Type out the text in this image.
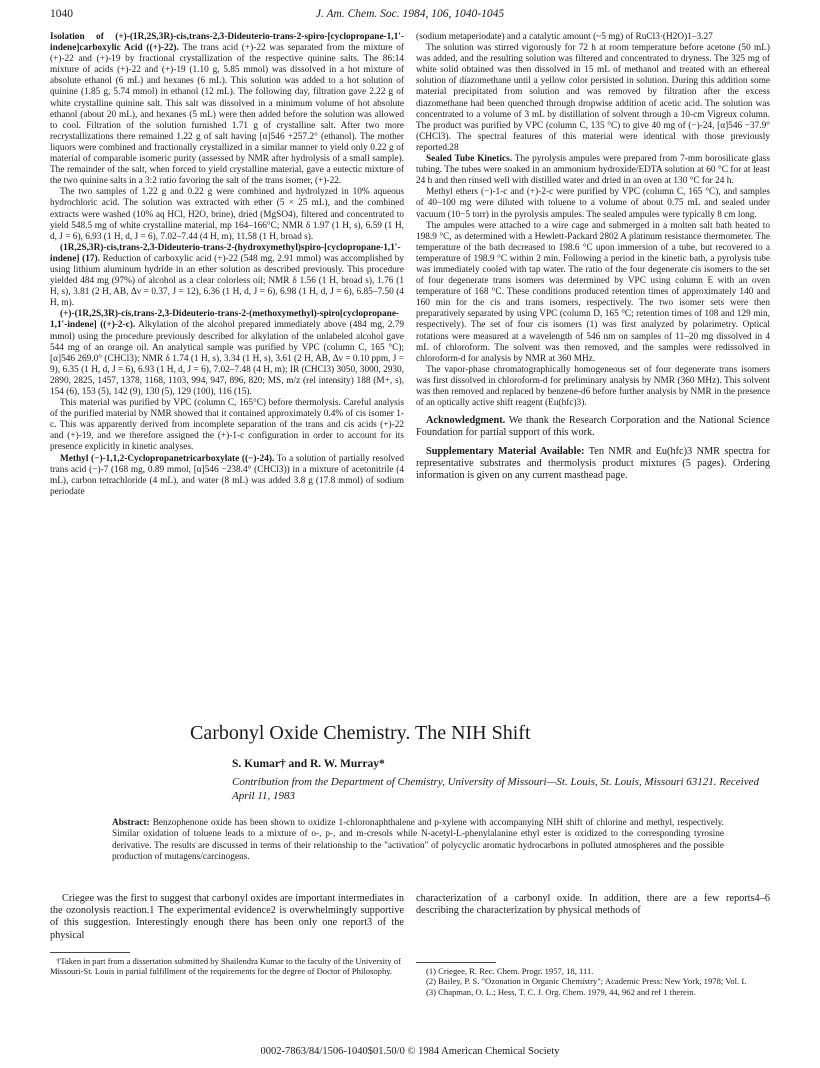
1040	J. Am. Chem. Soc. 1984, 106, 1040-1045

Isolation of (+)-(1R,2S,3R)-cis,trans-2,3-Dideuterio-trans-2-spiro-[cyclopropane-1,1′-indene]carboxylic Acid ((+)-22). The trans acid (+)-22 was separated from the mixture of (+)-22 and (+)-19 by fractional crystallization of the respective quinine salts. The 86:14 mixture of acids (+)-22 and (+)-19 (1.10 g, 5.85 mmol) was dissolved in a hot mixture of absolute ethanol (6 mL) and hexanes (6 mL). This solution was added to a hot solution of quinine (1.85 g, 5.74 mmol) in ethanol (12 mL). The following day, filtration gave 2.22 g of white crystalline quinine salt. This salt was dissolved in a minimum volume of hot absolute ethanol (about 20 mL), and hexanes (5 mL) were then added before the solution was allowed to cool. Filtration of the solution furnished 1.71 g of crystalline salt. After two more recrystallizations there remained 1.22 g of salt having [α]546 +257.2° (ethanol). The mother liquors were combined and fractionally crystallized in a similar manner to yield only 0.22 g of material of comparable isomeric purity (assessed by NMR after hydrolysis of a small sample). The remainder of the salt, when forced to yield crystalline material, gave a eutectic mixture of the two quinine salts in a 3:2 ratio favoring the salt of the trans isomer, (+)-22.

The two samples of 1.22 g and 0.22 g were combined and hydrolyzed in 10% aqueous hydrochloric acid. The solution was extracted with ether (5 × 25 mL), and the combined extracts were washed (10% aq HCl, H2O, brine), dried (MgSO4), filtered and concentrated to yield 548.5 mg of white crystalline material, mp 164–166°C; NMR δ 1.97 (1 H, s), 6.59 (1 H, d, J = 6), 6.93 (1 H, d, J = 6), 7.02–7.44 (4 H, m), 11.58 (1 H, broad s).

(1R,2S,3R)-cis,trans-2,3-Dideuterio-trans-2-(hydroxymethyl)spiro-[cyclopropane-1,1′-indene] (17). Reduction of carboxylic acid (+)-22 (548 mg, 2.91 mmol) was accomplished by using lithium aluminum hydride in an ether solution as described previously. This procedure yielded 484 mg (97%) of alcohol as a clear colorless oil; NMR δ 1.56 (1 H, broad s), 1.76 (1 H, s), 3.81 (2 H, AB, Δν = 0.37, J = 12), 6.36 (1 H, d, J = 6), 6.98 (1 H, d, J = 6), 6.85–7.50 (4 H, m).

(+)-(1R,2S,3R)-cis,trans-2,3-Dideuterio-trans-2-(methoxymethyl)-spiro[cyclopropane-1,1′-indene] ((+)-2-c). Alkylation of the alcohol prepared immediately above (484 mg, 2.79 mmol) using the procedure previously described for alkylation of the unlabeled alcohol gave 544 mg of an orange oil. An analytical sample was purified by VPC (column C, 165 °C); [α]546 269.0° (CHCl3); NMR δ 1.74 (1 H, s), 3.34 (1 H, s), 3.61 (2 H, AB, Δν = 0.10 ppm, J = 9), 6.35 (1 H, d, J = 6), 6.93 (1 H, d, J = 6), 7.02–7.48 (4 H, m); IR (CHCl3) 3050, 3000, 2930, 2890, 2825, 1457, 1378, 1168, 1103, 994, 947, 896, 820; MS, m/z (rel intensity) 188 (M+, s), 154 (6), 153 (5), 142 (9), 130 (5), 129 (100), 116 (15).

This material was purified by VPC (column C, 165°C) before thermolysis. Careful analysis of the purified material by NMR showed that it contained approximately 0.4% of cis isomer 1-c. This was apparently derived from incomplete separation of the trans and cis acids (+)-22 and (+)-19, and we therefore assigned the (+)-1-c configuration in order to account for its presence explicitly in kinetic analyses.

Methyl (−)-1,1,2-Cyclopropanetricarboxylate ((−)-24). To a solution of partially resolved trans acid (−)-7 (168 mg, 0.89 mmol, [α]546 −238.4° (CHCl3)) in a mixture of acetonitrile (4 mL), carbon tetrachloride (4 mL), and water (8 mL) was added 3.8 g (17.8 mmol) of sodium periodate

(sodium metaperiodate) and a catalytic amount (~5 mg) of RuCl3·(H2O)1–3.27

The solution was stirred vigorously for 72 h at room temperature before acetone (50 mL) was added, and the resulting solution was filtered and concentrated to dryness. The 325 mg of white solid obtained was then dissolved in 15 mL of methanol and treated with an ethereal solution of diazomethane until a yellow color persisted in solution. During this addition some material precipitated from solution and was removed by filtration after the excess diazomethane had been quenched through dropwise addition of acetic acid. The solution was concentrated to a volume of 3 mL by distillation of solvent through a 10-cm Vigreux column. The product was purified by VPC (column C, 135 °C) to give 40 mg of (−)-24, [α]546 −37.9° (CHCl3). The spectral features of this material were identical with those previously reported.28

Sealed Tube Kinetics. The pyrolysis ampules were prepared from 7-mm borosilicate glass tubing. The tubes were soaked in an ammonium hydroxide/EDTA solution at 60 °C for at least 24 h and then rinsed well with distilled water and dried in an oven at 130 °C for 24 h.

Methyl ethers (−)-1-c and (+)-2-c were purified by VPC (column C, 165 °C), and samples of 40–100 mg were diluted with toluene to a volume of about 0.75 mL and sealed under vacuum (10−5 torr) in the pyrolysis ampules. The sealed ampules were typically 8 cm long.

The ampules were attached to a wire cage and submerged in a molten salt bath heated to 198.9 °C, as determined with a Hewlett-Packard 2802 A platinum resistance thermometer. The temperature of the bath decreased to 198.6 °C upon immersion of a tube, but recovered to a temperature of 198.9 °C within 2 min. Following a period in the kinetic bath, a pyrolysis tube was immediately cooled with tap water. The ratio of the four degenerate cis isomers to the set of four degenerate trans isomers was determined by VPC using column E with an oven temperature of 168 °C. These conditions produced retention times of approximately 140 and 160 min for the cis and trans isomers, respectively. The two isomer sets were then preparatively separated by using VPC (column D, 165 °C; retention times of 108 and 129 min, respectively). The set of four cis isomers (1) was first analyzed by polarimetry. Optical rotations were measured at a wavelength of 546 nm on samples of 11–20 mg dissolved in 4 mL of chloroform. The solvent was then removed, and the samples were redissolved in chloroform-d for analysis by NMR at 360 MHz.

The vapor-phase chromatographically homogeneous set of four degenerate trans isomers was first dissolved in chloroform-d for preliminary analysis by NMR (360 MHz). This solvent was then removed and replaced by benzene-d6 before further analysis by NMR in the presence of an optically active shift reagent (Eu(hfc)3).

Acknowledgment. We thank the Research Corporation and the National Science Foundation for partial support of this work.

Supplementary Material Available: Ten NMR and Eu(hfc)3 NMR spectra for representative substrates and thermolysis product mixtures (5 pages). Ordering information is given on any current masthead page.

Carbonyl Oxide Chemistry. The NIH Shift
S. Kumar† and R. W. Murray*
Contribution from the Department of Chemistry, University of Missouri—St. Louis, St. Louis, Missouri 63121. Received April 11, 1983
Abstract: Benzophenone oxide has been shown to oxidize 1-chloronaphthalene and p-xylene with accompanying NIH shift of chlorine and methyl, respectively. Similar oxidation of toluene leads to a mixture of o-, p-, and m-cresols while N-acetyl-L-phenylalanine ethyl ester is oxidized to the corresponding tyrosine derivative. The results are discussed in terms of their relationship to the "activation" of polycyclic aromatic hydrocarbons in polluted atmospheres and the possible production of mutagens/carcinogens.

Criegee was the first to suggest that carbonyl oxides are important intermediates in the ozonolysis reaction.1 The experimental evidence2 is overwhelmingly supportive of this suggestion. Interestingly enough there has been only one report3 of the physical

characterization of a carbonyl oxide. In addition, there are a few reports4–6 describing the characterization by physical methods of

†Taken in part from a dissertation submitted by Shailendra Kumar to the faculty of the University of Missouri-St. Louis in partial fulfillment of the requirements for the degree of Doctor of Philosophy.	(1) Criegee, R. Rec. Chem. Progr. 1957, 18, 111.

(2) Bailey, P. S. "Ozonation in Organic Chemistry"; Academic Press: New York, 1978; Vol. I.

(3) Chapman, O. L.; Hess, T. C. J. Org. Chem. 1979, 44, 962 and ref 1 therein.

0002-7863/84/1506-1040$01.50/0 © 1984 American Chemical Society
